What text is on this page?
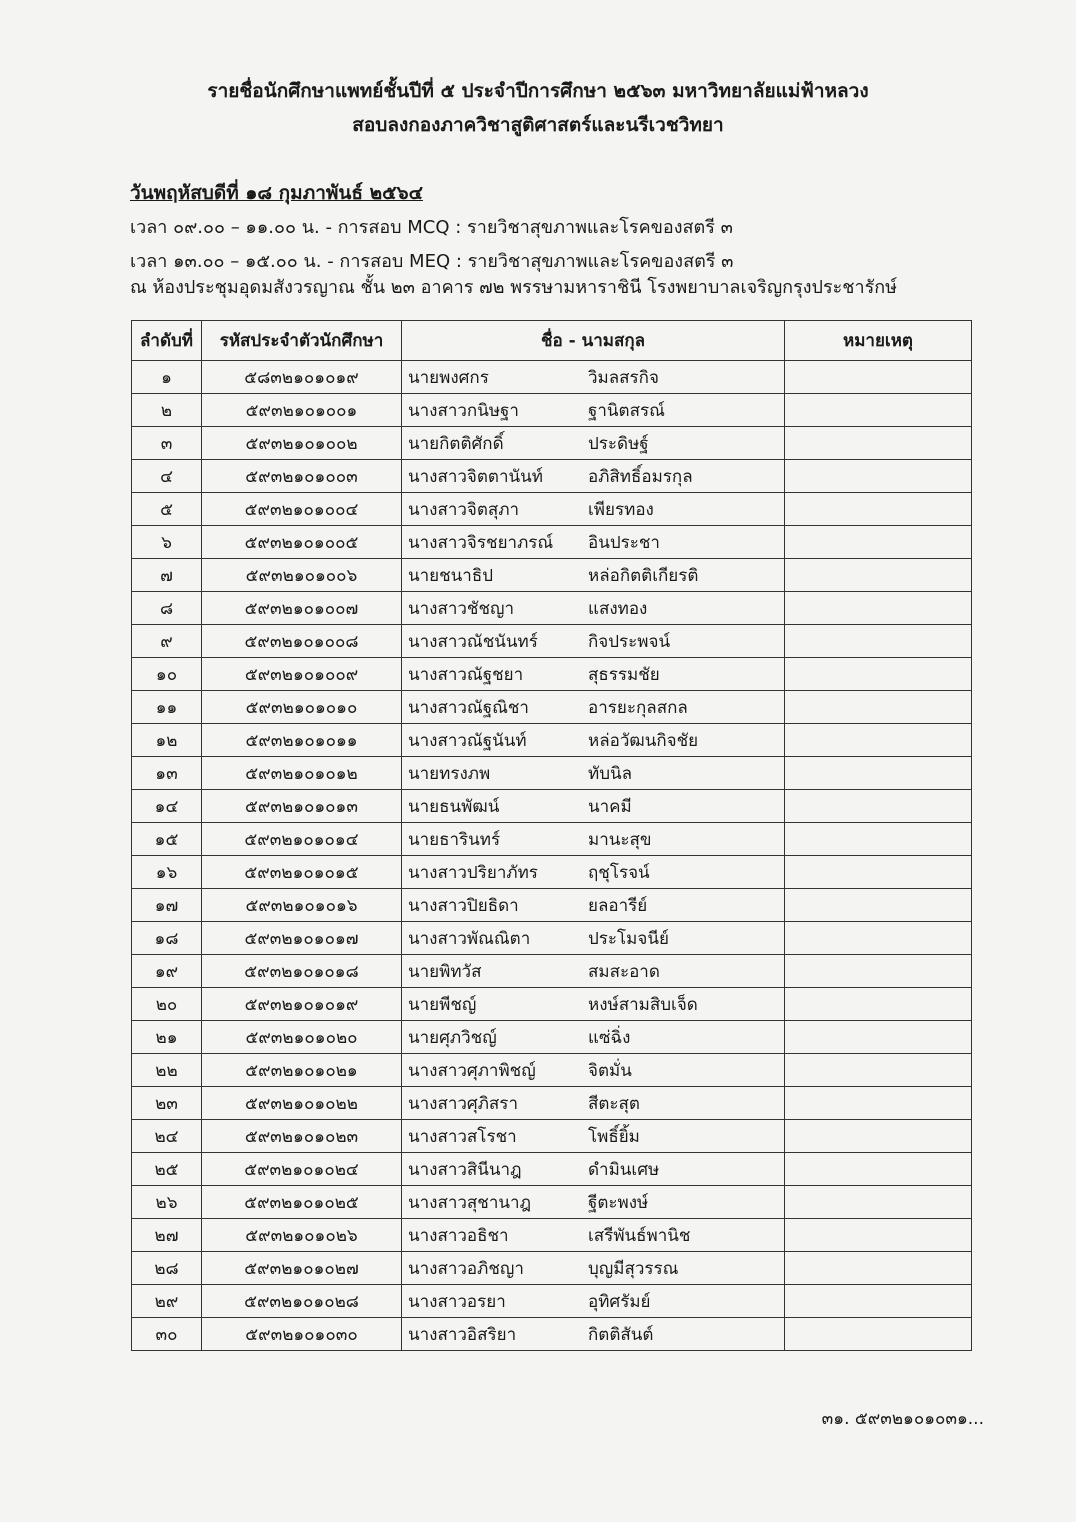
รายชื่อนักศึกษาแพทย์ชั้นปีที่ ๕ ประจำปีการศึกษา ๒๕๖๓ มหาวิทยาลัยแม่ฟ้าหลวง
สอบลงกองภาควิชาสูติศาสตร์และนรีเวชวิทยา
วันพฤหัสบดีที่ ๑๘ กุมภาพันธ์ ๒๕๖๔
เวลา ๐๙.๐๐ – ๑๑.๐๐ น. - การสอบ MCQ : รายวิชาสุขภาพและโรคของสตรี ๓
เวลา ๑๓.๐๐ – ๑๕.๐๐ น. - การสอบ MEQ : รายวิชาสุขภาพและโรคของสตรี ๓
ณ ห้องประชุมอุดมสังวรญาณ ชั้น ๒๓ อาคาร ๗๒ พรรษามหาราชินี โรงพยาบาลเจริญกรุงประชารักษ์
ลำดับที่	รหัสประจำตัวนักศึกษา	ชื่อ - นามสกุล	หมายเหตุ
๑	๕๘๓๒๑๐๑๐๑๙	นายพงศกร วิมลสรกิจ	
๒	๕๙๓๒๑๐๑๐๐๑	นางสาวกนิษฐา ฐานิตสรณ์	
๓	๕๙๓๒๑๐๑๐๐๒	นายกิตติศักดิ์ ประดิษฐ์	
๔	๕๙๓๒๑๐๑๐๐๓	นางสาวจิตตานันท์ อภิสิทธิ์อมรกุล	
๕	๕๙๓๒๑๐๑๐๐๔	นางสาวจิตสุภา เพียรทอง	
๖	๕๙๓๒๑๐๑๐๐๕	นางสาวจิรชยาภรณ์ อินประชา	
๗	๕๙๓๒๑๐๑๐๐๖	นายชนาธิป หล่อกิตติเกียรติ	
๘	๕๙๓๒๑๐๑๐๐๗	นางสาวชัชญา แสงทอง	
๙	๕๙๓๒๑๐๑๐๐๘	นางสาวณัชนันทร์ กิจประพจน์	
๑๐	๕๙๓๒๑๐๑๐๐๙	นางสาวณัฐชยา สุธรรมชัย	
๑๑	๕๙๓๒๑๐๑๐๑๐	นางสาวณัฐณิชา อารยะกุลสกล	
๑๒	๕๙๓๒๑๐๑๐๑๑	นางสาวณัฐนันท์ หล่อวัฒนกิจชัย	
๑๓	๕๙๓๒๑๐๑๐๑๒	นายทรงภพ ทับนิล	
๑๔	๕๙๓๒๑๐๑๐๑๓	นายธนพัฒน์ นาคมี	
๑๕	๕๙๓๒๑๐๑๐๑๔	นายธารินทร์ มานะสุข	
๑๖	๕๙๓๒๑๐๑๐๑๕	นางสาวปริยาภัทร ฤชุโรจน์	
๑๗	๕๙๓๒๑๐๑๐๑๖	นางสาวปิยธิดา ยลอารีย์	
๑๘	๕๙๓๒๑๐๑๐๑๗	นางสาวพัณณิตา ประโมจนีย์	
๑๙	๕๙๓๒๑๐๑๐๑๘	นายพิทวัส สมสะอาด	
๒๐	๕๙๓๒๑๐๑๐๑๙	นายพีชญ์ หงษ์สามสิบเจ็ด	
๒๑	๕๙๓๒๑๐๑๐๒๐	นายศุภวิชญ์ แซ่ฉิ่ง	
๒๒	๕๙๓๒๑๐๑๐๒๑	นางสาวศุภาพิชญ์ จิตมั่น	
๒๓	๕๙๓๒๑๐๑๐๒๒	นางสาวศุภิสรา สีตะสุต	
๒๔	๕๙๓๒๑๐๑๐๒๓	นางสาวสโรชา โพธิ์ยิ้ม	
๒๕	๕๙๓๒๑๐๑๐๒๔	นางสาวสินีนาฎ ดำมินเศษ	
๒๖	๕๙๓๒๑๐๑๐๒๕	นางสาวสุชานาฎ ฐีตะพงษ์	
๒๗	๕๙๓๒๑๐๑๐๒๖	นางสาวอธิชา เสรีพันธ์พานิช	
๒๘	๕๙๓๒๑๐๑๐๒๗	นางสาวอภิชญา บุญมีสุวรรณ	
๒๙	๕๙๓๒๑๐๑๐๒๘	นางสาวอรยา อุทิศรัมย์	
๓๐	๕๙๓๒๑๐๑๐๓๐	นางสาวอิสริยา กิตติสันต์	
๓๑. ๕๙๓๒๑๐๑๐๓๑...
